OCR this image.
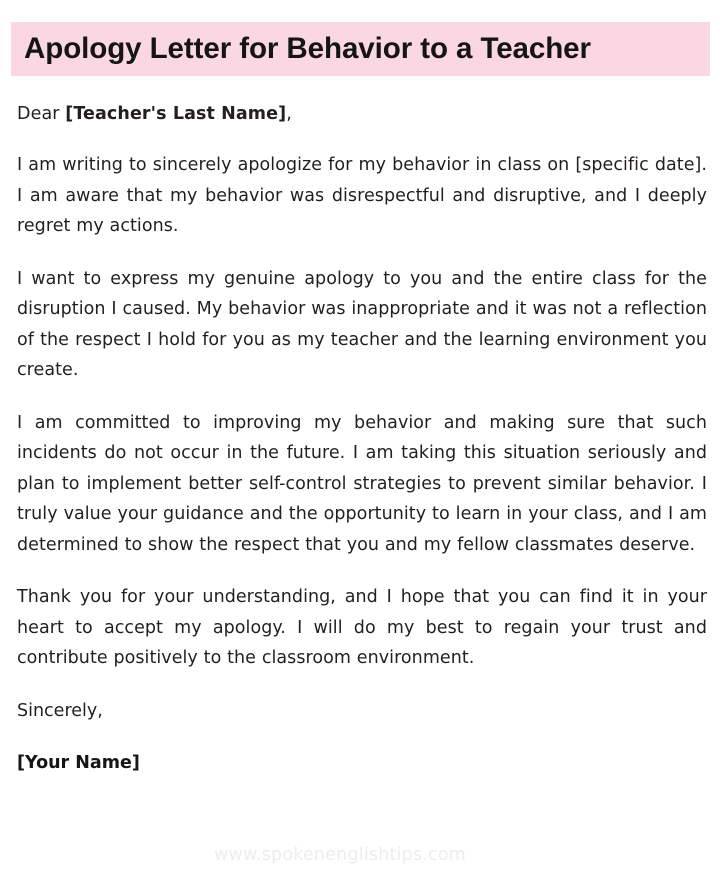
Apology Letter for Behavior to a Teacher

Dear [Teacher's Last Name],

I am writing to sincerely apologize for my behavior in class on [specific date]. I am aware that my behavior was disrespectful and disruptive, and I deeply regret my actions.

I want to express my genuine apology to you and the entire class for the disruption I caused. My behavior was inappropriate and it was not a reflection of the respect I hold for you as my teacher and the learning environment you create.

I am committed to improving my behavior and making sure that such incidents do not occur in the future. I am taking this situation seriously and plan to implement better self-control strategies to prevent similar behavior. I truly value your guidance and the opportunity to learn in your class, and I am determined to show the respect that you and my fellow classmates deserve.

Thank you for your understanding, and I hope that you can find it in your heart to accept my apology. I will do my best to regain your trust and contribute positively to the classroom environment.

Sincerely,

[Your Name]

www.spokenenglishtips.com
